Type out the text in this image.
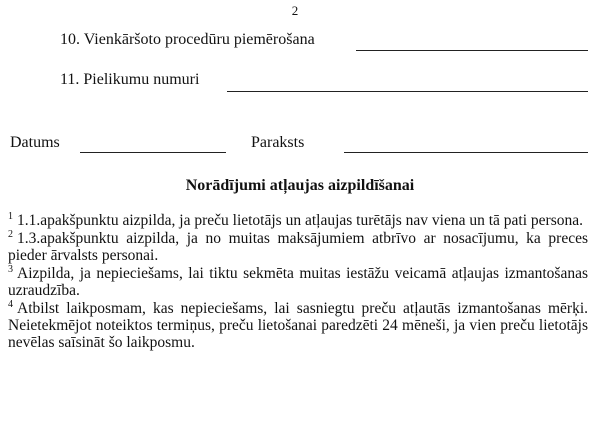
2
10. Vienkāršoto procedūru piemērošana
11. Pielikumu numuri
Datums	Paraksts
Norādījumi atļaujas aizpildīšanai

$^1$ 1.1.apakšpunktu aizpilda, ja preču lietotājs un atļaujas turētājs nav viena un tā pati persona.

$^2$ 1.3.apakšpunktu aizpilda, ja no muitas maksājumiem atbrīvo ar nosacījumu, ka preces pieder ārvalsts personai.

$^3$ Aizpilda, ja nepieciešams, lai tiktu sekmēta muitas iestāžu veicamā atļaujas izmantošanas uzraudzība.

$^4$ Atbilst laikposmam, kas nepieciešams, lai sasniegtu preču atļautās izmantošanas mērķi. Neietekmējot noteiktos termiņus, preču lietošanai paredzēti 24 mēneši, ja vien preču lietotājs nevēlas saīsināt šo laikposmu.
